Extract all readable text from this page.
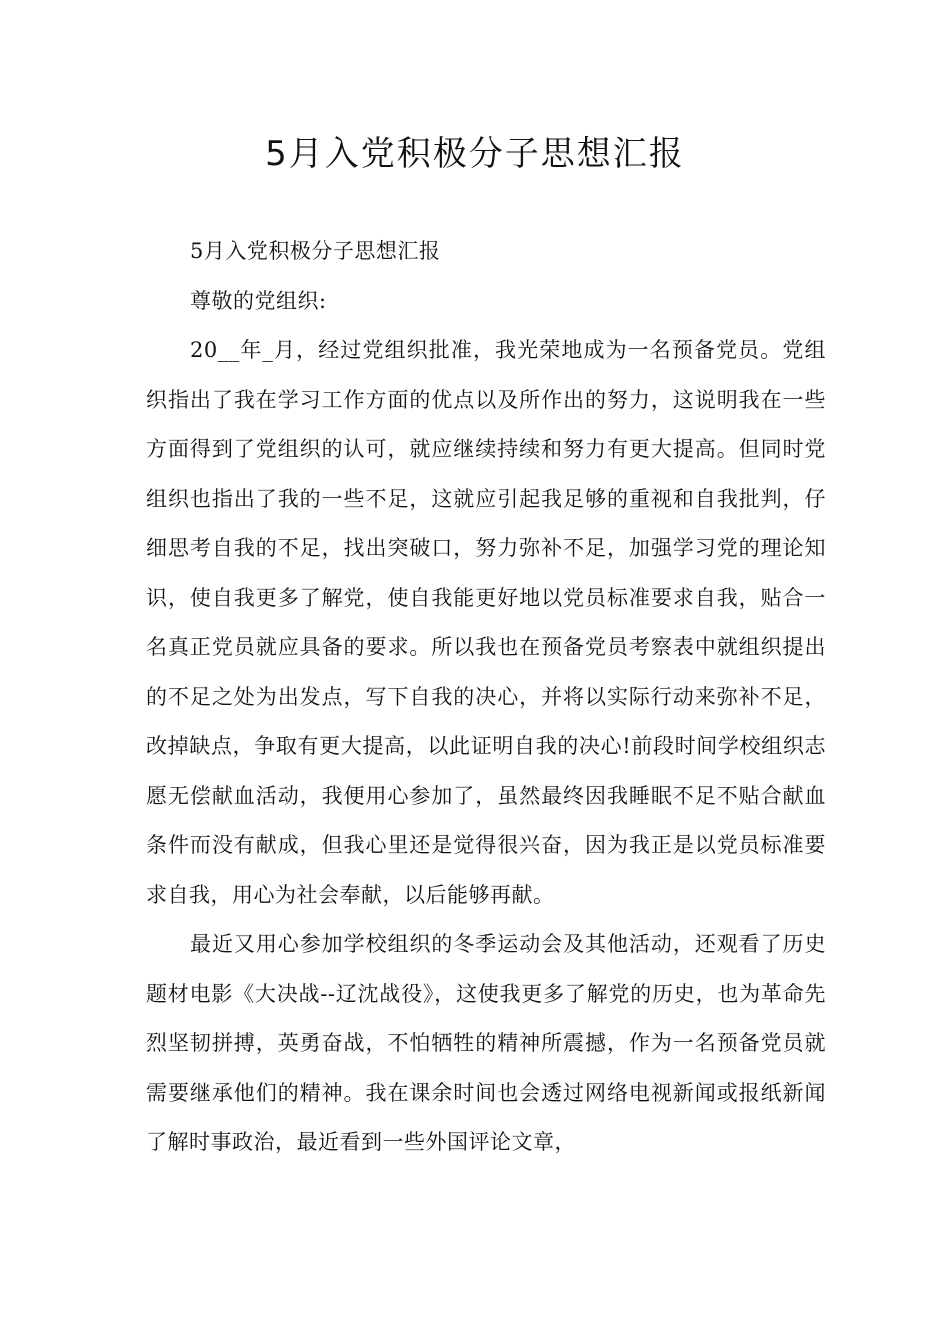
5月入党积极分子思想汇报

5月入党积极分子思想汇报

尊敬的党组织:

20__年_月，经过党组织批准，我光荣地成为一名预备党员。党组织指出了我在学习工作方面的优点以及所作出的努力，这说明我在一些方面得到了党组织的认可，就应继续持续和努力有更大提高。但同时党组织也指出了我的一些不足，这就应引起我足够的重视和自我批判，仔细思考自我的不足，找出突破口，努力弥补不足，加强学习党的理论知识，使自我更多了解党，使自我能更好地以党员标准要求自我，贴合一名真正党员就应具备的要求。所以我也在预备党员考察表中就组织提出的不足之处为出发点，写下自我的决心，并将以实际行动来弥补不足，改掉缺点，争取有更大提高，以此证明自我的决心!前段时间学校组织志愿无偿献血活动，我便用心参加了，虽然最终因我睡眠不足不贴合献血条件而没有献成，但我心里还是觉得很兴奋，因为我正是以党员标准要求自我，用心为社会奉献，以后能够再献。

最近又用心参加学校组织的冬季运动会及其他活动，还观看了历史题材电影《大决战--辽沈战役》，这使我更多了解党的历史，也为革命先烈坚韧拼搏，英勇奋战，不怕牺牲的精神所震撼，作为一名预备党员就需要继承他们的精神。我在课余时间也会透过网络电视新闻或报纸新闻了解时事政治，最近看到一些外国评论文章，
